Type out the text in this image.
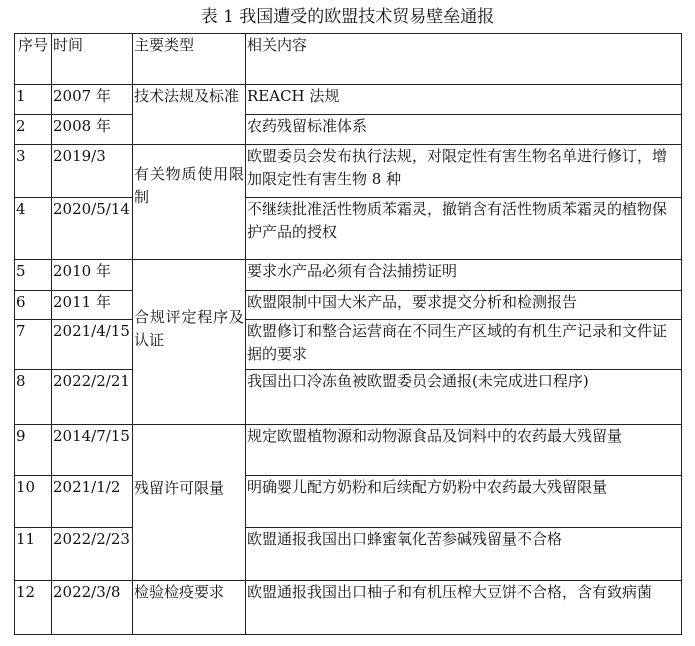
表 1 我国遭受的欧盟技术贸易壁垒通报
序号	时间	主要类型	相关内容
1	2007 年	技术法规及标准	REACH 法规
2	2008 年		农药残留标准体系
3	2019/3	有关物质使用限制	欧盟委员会发布执行法规，对限定性有害生物名单进行修订，增加限定性有害生物 8 种
4	2020/5/14		不继续批准活性物质苯霜灵，撤销含有活性物质苯霜灵的植物保护产品的授权
5	2010 年	合规评定程序及认证	要求水产品必须有合法捕捞证明
6	2011 年		欧盟限制中国大米产品，要求提交分析和检测报告
7	2021/4/15		欧盟修订和整合运营商在不同生产区域的有机生产记录和文件证据的要求
8	2022/2/21		我国出口冷冻鱼被欧盟委员会通报(未完成进口程序)
9	2014/7/15	残留许可限量	规定欧盟植物源和动物源食品及饲料中的农药最大残留量
10	2021/1/2		明确婴儿配方奶粉和后续配方奶粉中农药最大残留限量
11	2022/2/23		欧盟通报我国出口蜂蜜氧化苦参碱残留量不合格
12	2022/3/8	检验检疫要求	欧盟通报我国出口柚子和有机压榨大豆饼不合格，含有致病菌
